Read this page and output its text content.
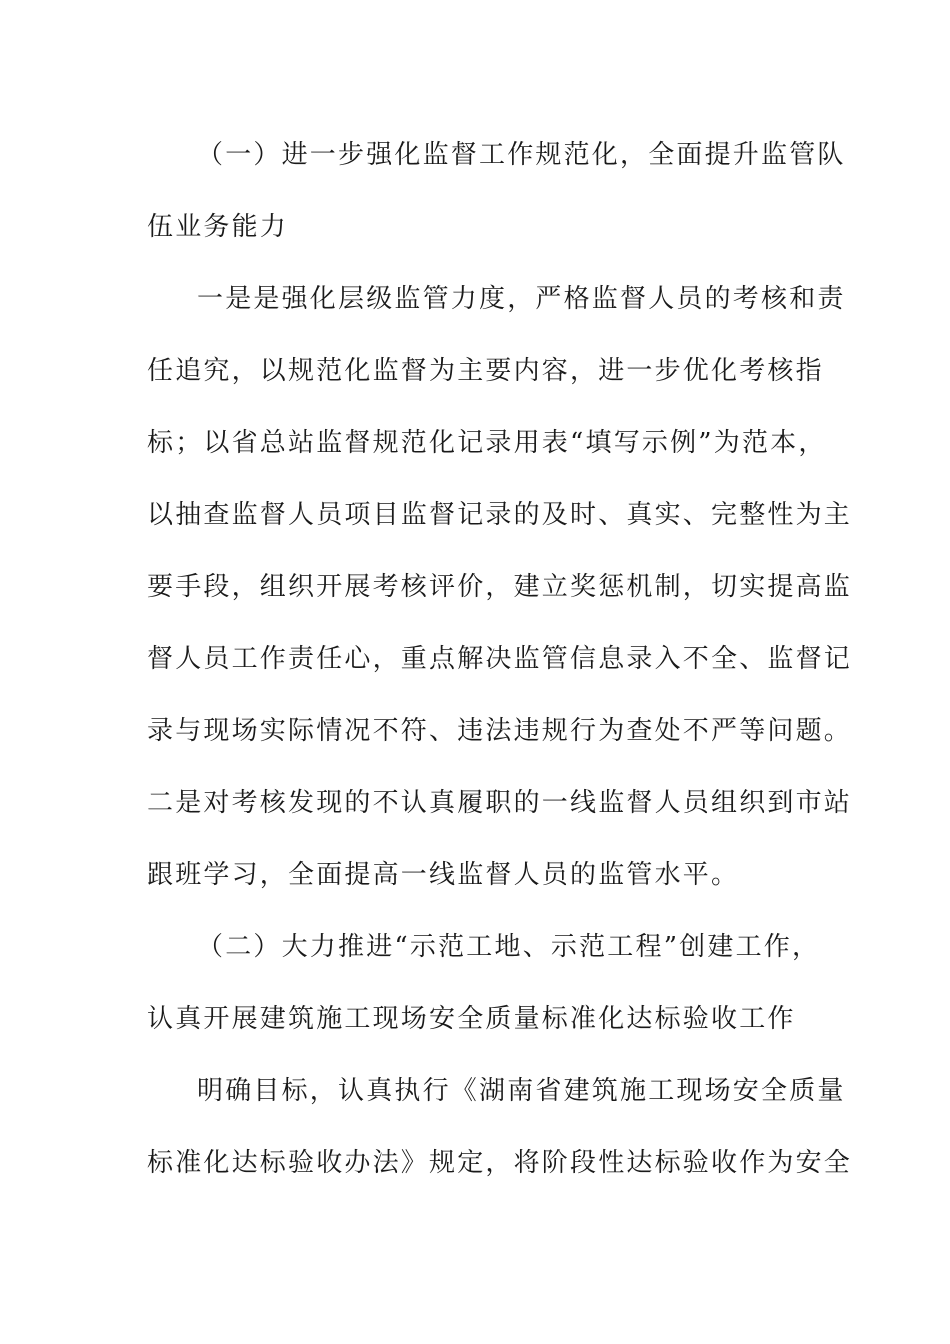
（一）进一步强化监督工作规范化，全面提升监管队
伍业务能力
一是是强化层级监管力度，严格监督人员的考核和责
任追究，以规范化监督为主要内容，进一步优化考核指
标；以省总站监督规范化记录用表“填写示例”为范本，
以抽查监督人员项目监督记录的及时、真实、完整性为主
要手段，组织开展考核评价，建立奖惩机制，切实提高监
督人员工作责任心，重点解决监管信息录入不全、监督记
录与现场实际情况不符、违法违规行为查处不严等问题。
二是对考核发现的不认真履职的一线监督人员组织到市站
跟班学习，全面提高一线监督人员的监管水平。
（二）大力推进“示范工地、示范工程”创建工作，
认真开展建筑施工现场安全质量标准化达标验收工作
明确目标，认真执行《湖南省建筑施工现场安全质量
标准化达标验收办法》规定，将阶段性达标验收作为安全
